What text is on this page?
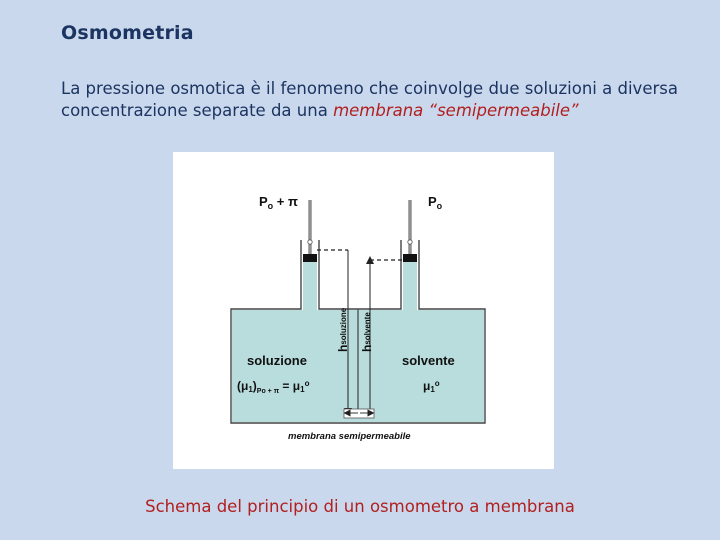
Osmometria
La pressione osmotica è il fenomeno che coinvolge due soluzioni a diversa concentrazione separate da una membrana “semipermeabile”
$P_o + \pi$	$P_o$
hsoluzione
hsolvente
soluzione	solvente
$(\mu 1)_{Po + \pi} = \mu 1^o$	μ1$^o$
membrana semipermeabile
Schema del principio di un osmometro a membrana
